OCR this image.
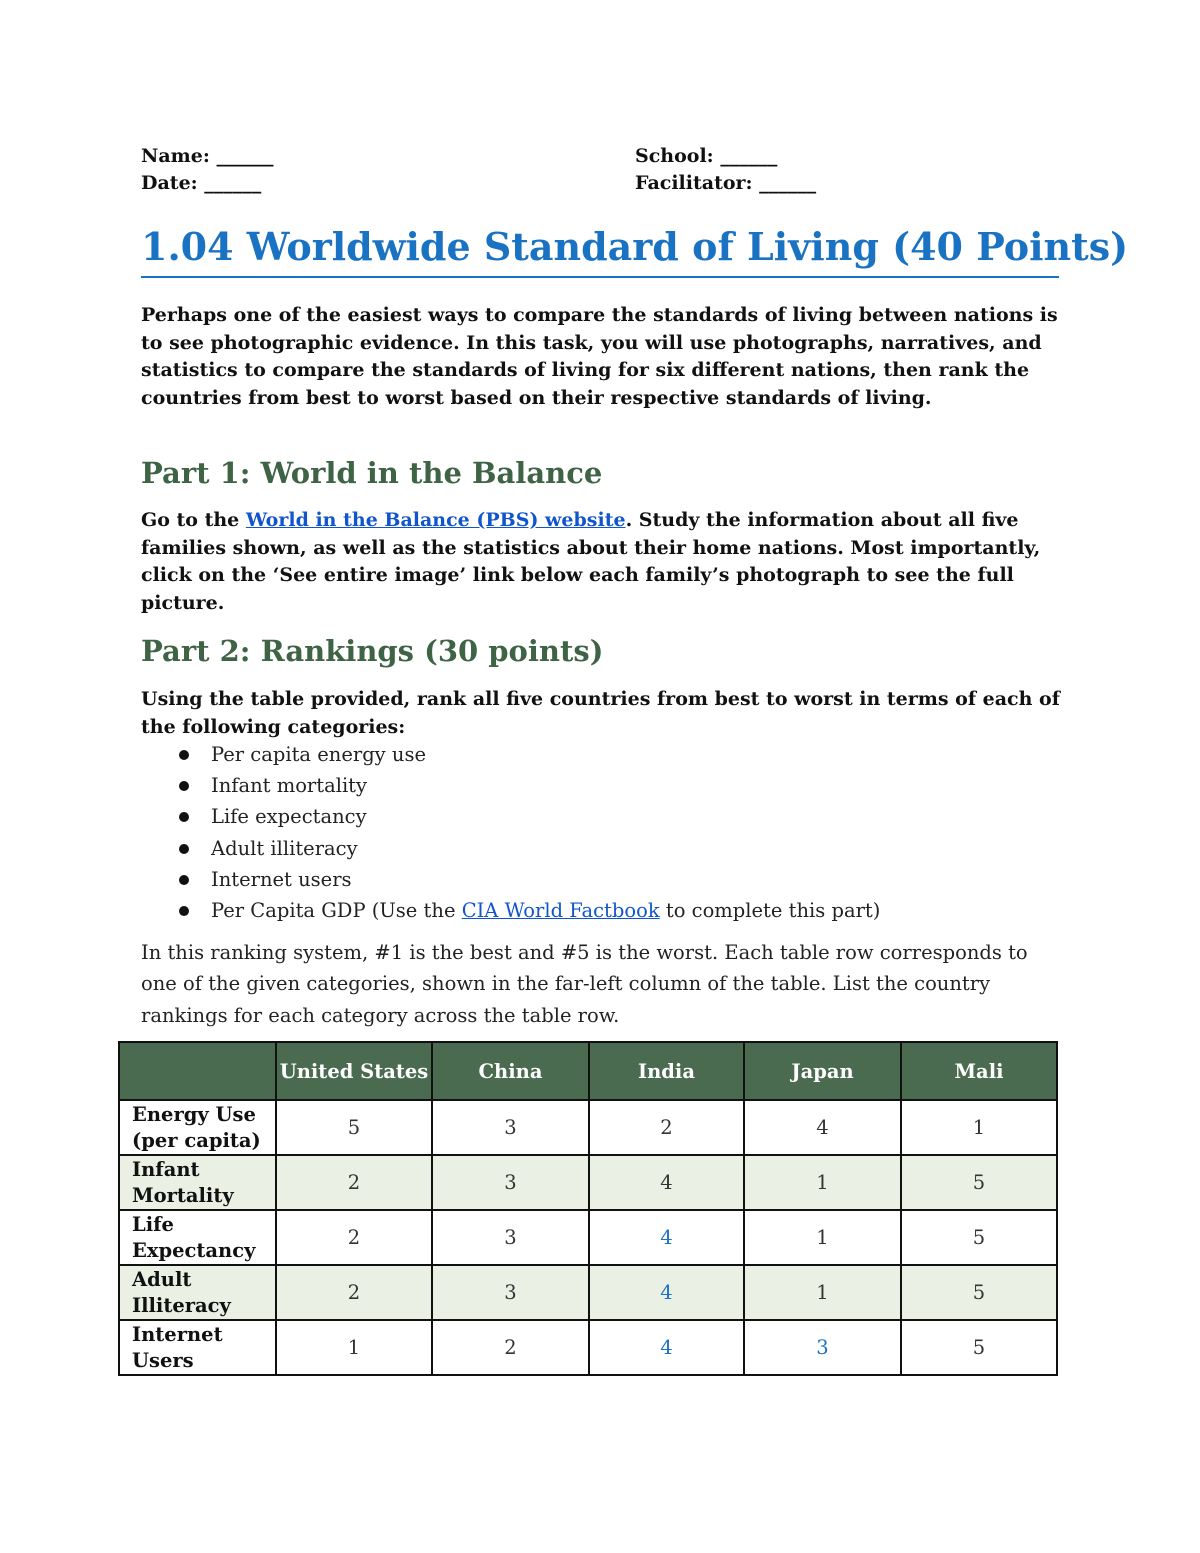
Name: ______	School: ______
Date: ______	Facilitator: ______
1.04 Worldwide Standard of Living (40 Points)
Perhaps one of the easiest ways to compare the standards of living between nations is to see photographic evidence. In this task, you will use photographs, narratives, and statistics to compare the standards of living for six different nations, then rank the countries from best to worst based on their respective standards of living.
Part 1: World in the Balance
Go to the World in the Balance (PBS) website. Study the information about all five families shown, as well as the statistics about their home nations. Most importantly, click on the ‘See entire image’ link below each family’s photograph to see the full picture.
Part 2: Rankings (30 points)
Using the table provided, rank all five countries from best to worst in terms of each of the following categories:
Per capita energy use
Infant mortality
Life expectancy
Adult illiteracy
Internet users
Per Capita GDP (Use the CIA World Factbook to complete this part)
In this ranking system, #1 is the best and #5 is the worst. Each table row corresponds to one of the given categories, shown in the far-left column of the table. List the country rankings for each category across the table row.
	United States	China	India	Japan	Mali
Energy Use (per capita)	5	3	2	4	1
Infant Mortality	2	3	4	1	5
Life Expectancy	2	3	4	1	5
Adult Illiteracy	2	3	4	1	5
Internet Users	1	2	4	3	5
